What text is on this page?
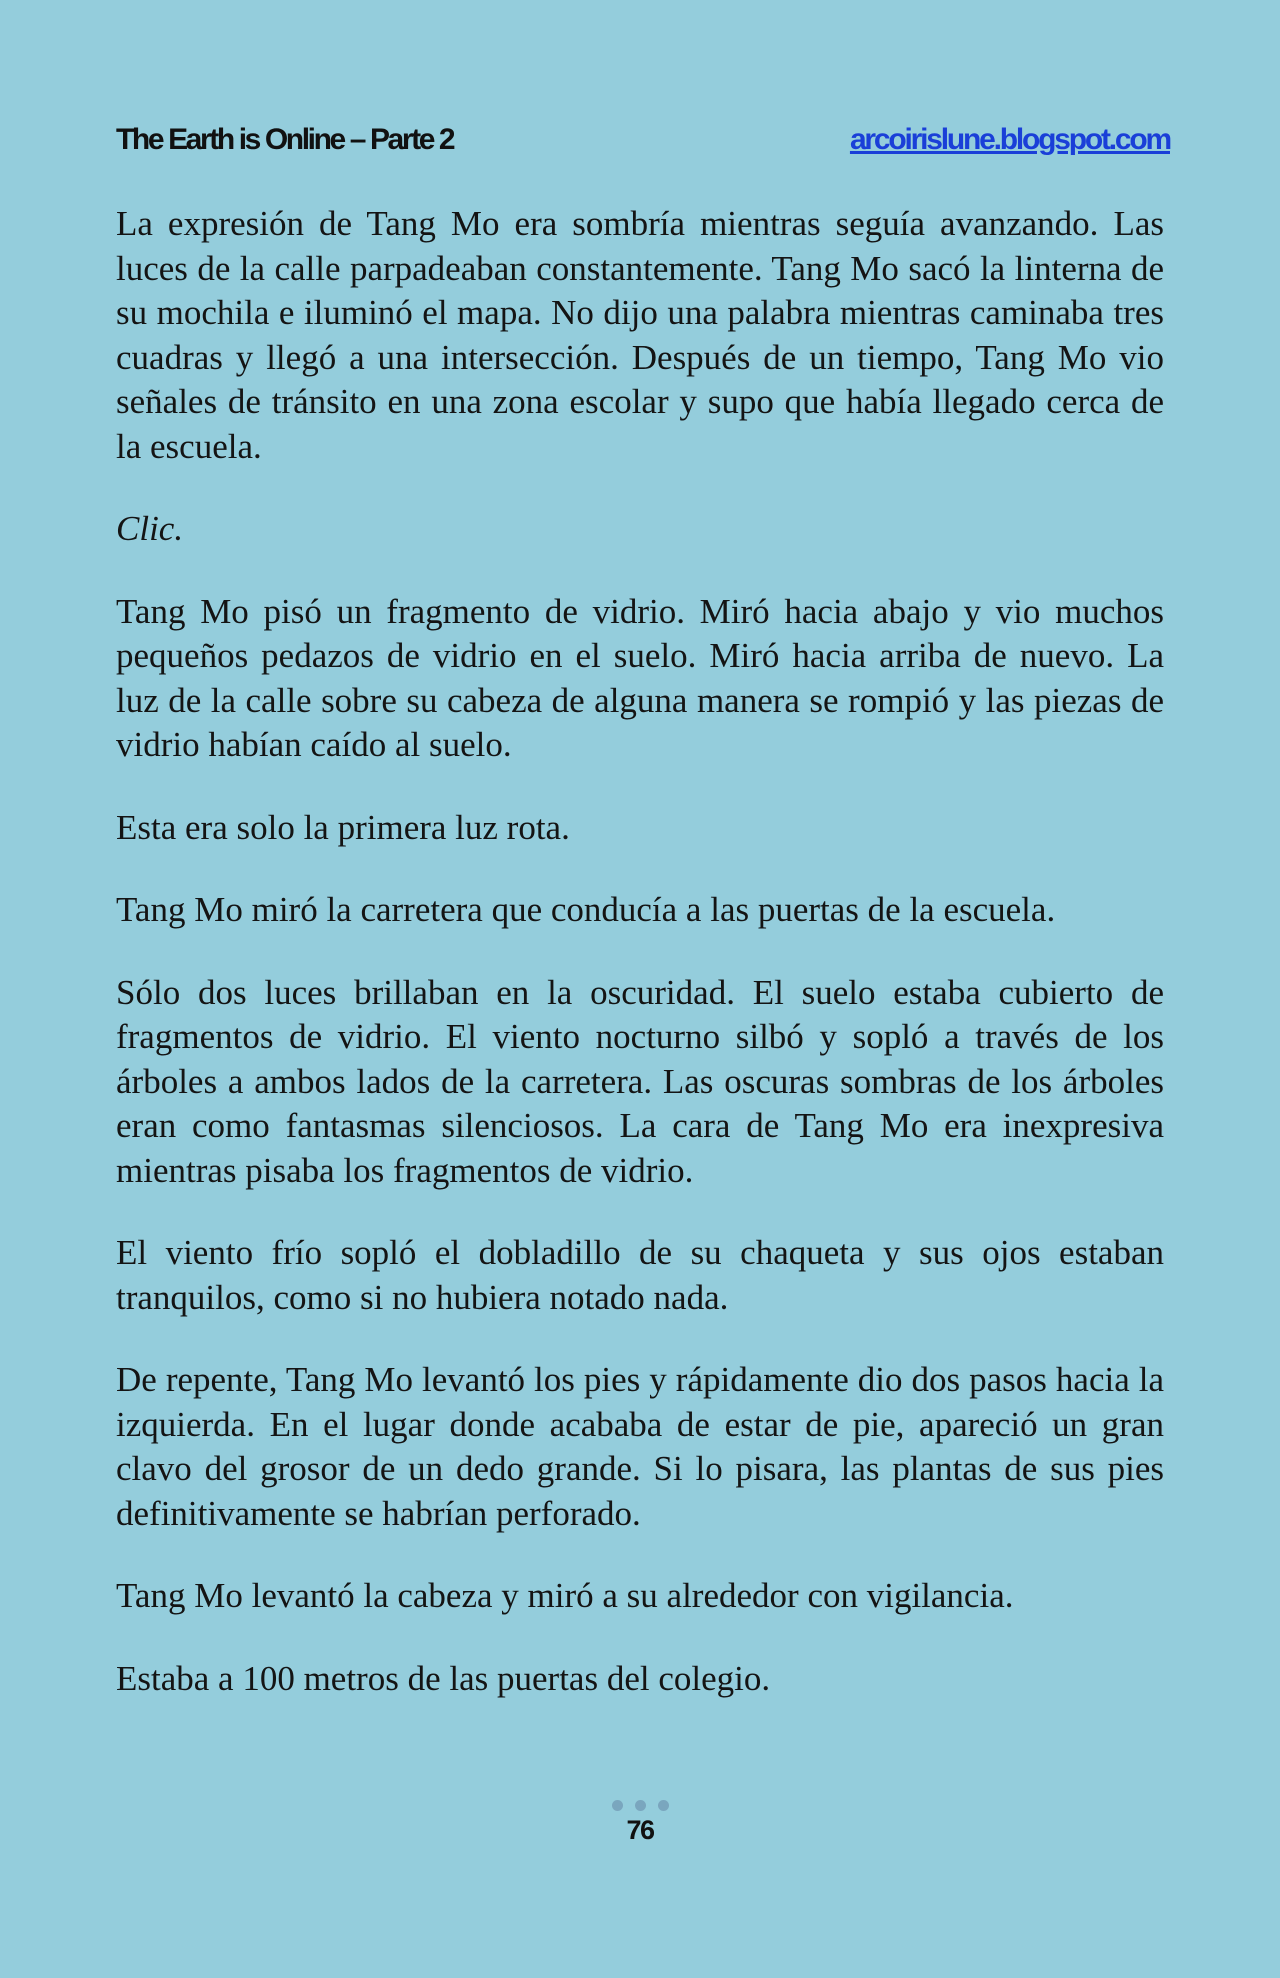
The Earth is Online – Parte 2	arcoirislune.blogspot.com

La expresión de Tang Mo era sombría mientras seguía avanzando. Las luces de la calle parpadeaban constantemente. Tang Mo sacó la linterna de su mochila e iluminó el mapa. No dijo una palabra mientras caminaba tres cuadras y llegó a una intersección. Después de un tiempo, Tang Mo vio señales de tránsito en una zona escolar y supo que había llegado cerca de la escuela.

Clic.

Tang Mo pisó un fragmento de vidrio. Miró hacia abajo y vio muchos pequeños pedazos de vidrio en el suelo. Miró hacia arriba de nuevo. La luz de la calle sobre su cabeza de alguna manera se rompió y las piezas de vidrio habían caído al suelo.

Esta era solo la primera luz rota.

Tang Mo miró la carretera que conducía a las puertas de la escuela.

Sólo dos luces brillaban en la oscuridad. El suelo estaba cubierto de fragmentos de vidrio. El viento nocturno silbó y sopló a través de los árboles a ambos lados de la carretera. Las oscuras sombras de los árboles eran como fantasmas silenciosos. La cara de Tang Mo era inexpresiva mientras pisaba los fragmentos de vidrio.

El viento frío sopló el dobladillo de su chaqueta y sus ojos estaban tranquilos, como si no hubiera notado nada.

De repente, Tang Mo levantó los pies y rápidamente dio dos pasos hacia la izquierda. En el lugar donde acababa de estar de pie, apareció un gran clavo del grosor de un dedo grande. Si lo pisara, las plantas de sus pies definitivamente se habrían perforado.

Tang Mo levantó la cabeza y miró a su alrededor con vigilancia.

Estaba a 100 metros de las puertas del colegio.

76
